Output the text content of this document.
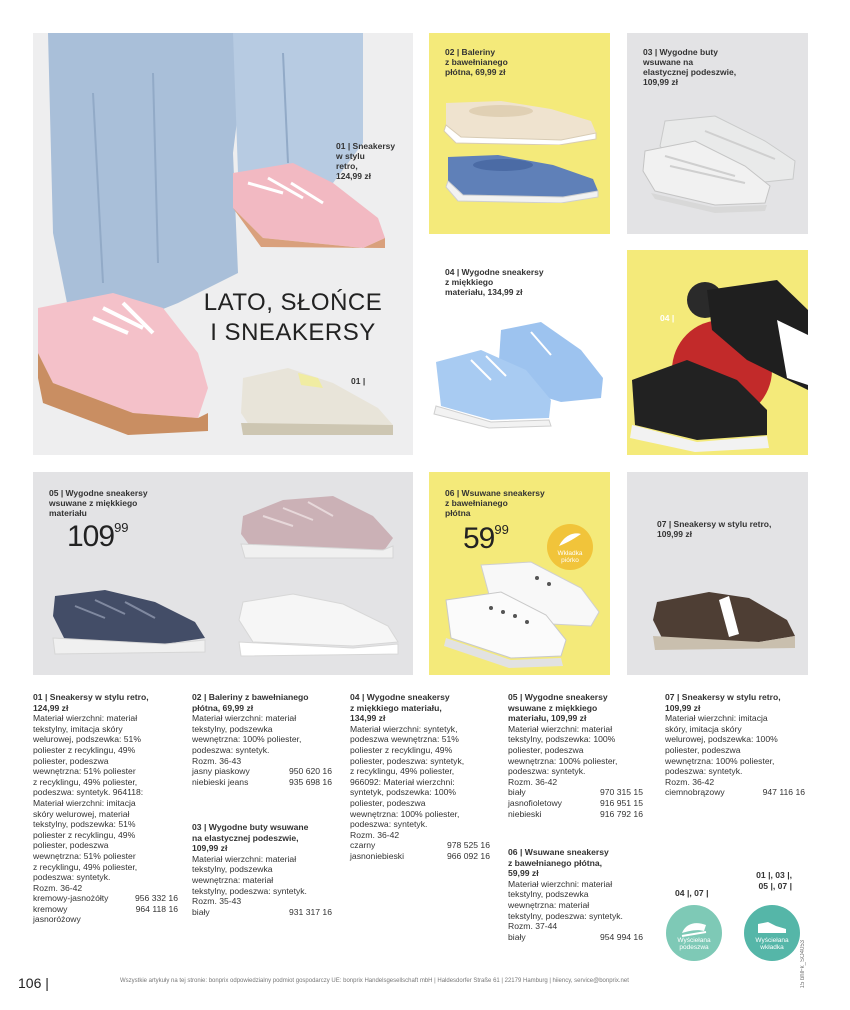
LATO, SŁOŃCE
I SNEAKERSY
01 | Sneakersy
w stylu
retro,
124,99 zł
01 |
02 | Baleriny
z bawełnianego
płótna, 69,99 zł
03 | Wygodne buty
wsuwane na
elastycznej podeszwie,
109,99 zł
04 | Wygodne sneakersy
z miękkiego
materiału, 134,99 zł
04 |
05 | Wygodne sneakersy
wsuwane z miękkiego
materiału
$109^{99}$
06 | Wsuwane sneakersy
z bawełnianego
płótna
$59^{99}$
Wkładka
piórko
07 | Sneakersy w stylu retro,
109,99 zł
01 | Sneakersy w stylu retro,
124,99 zł
Materiał wierzchni: materiał
tekstylny, imitacja skóry
welurowej, podszewka: 51%
poliester z recyklingu, 49%
poliester, podeszwa
wewnętrzna: 51% poliester
z recyklingu, 49% poliester,
podeszwa: syntetyk. 964118:
Materiał wierzchni: imitacja
skóry welurowej, materiał
tekstylny, podszewka: 51%
poliester z recyklingu, 49%
poliester, podeszwa
wewnętrzna: 51% poliester
z recyklingu, 49% poliester,
podeszwa: syntetyk.
Rozm. 36-42
kremowy-jasnożółty	956 332 16
kremowy	964 118 16
jasnoróżowy
02 | Baleriny z bawełnianego
płótna, 69,99 zł
Materiał wierzchni: materiał
tekstylny, podszewka
wewnętrzna: 100% poliester,
podeszwa: syntetyk.
Rozm. 36-43
jasny piaskowy	950 620 16
niebieski jeans	935 698 16
03 | Wygodne buty wsuwane
na elastycznej podeszwie,
109,99 zł
Materiał wierzchni: materiał
tekstylny, podszewka
wewnętrzna: materiał
tekstylny, podeszwa: syntetyk.
Rozm. 35-43
biały	931 317 16
04 | Wygodne sneakersy
z miękkiego materiału,
134,99 zł
Materiał wierzchni: syntetyk,
podeszwa wewnętrzna: 51%
poliester z recyklingu, 49%
poliester, podeszwa: syntetyk,
z recyklingu, 49% poliester,
966092: Materiał wierzchni:
syntetyk, podszewka: 100%
poliester, podeszwa
wewnętrzna: 100% poliester,
podeszwa: syntetyk.
Rozm. 36-42
czarny	978 525 16
jasnoniebieski	966 092 16
05 | Wygodne sneakersy
wsuwane z miękkiego
materiału, 109,99 zł
Materiał wierzchni: materiał
tekstylny, podszewka: 100%
poliester, podeszwa
wewnętrzna: 100% poliester,
podeszwa: syntetyk.
Rozm. 36-42
biały	970 315 15
jasnofioletowy	916 951 15
niebieski	916 792 16
06 | Wsuwane sneakersy
z bawełnianego płótna,
59,99 zł
Materiał wierzchni: materiał
tekstylny, podszewka
wewnętrzna: materiał
tekstylny, podeszwa: syntetyk.
Rozm. 37-44
biały	954 994 16
07 | Sneakersy w stylu retro,
109,99 zł
Materiał wierzchni: imitacja
skóry, imitacja skóry
welurowej, podszewka: 100%
poliester, podeszwa
wewnętrzna: 100% poliester,
podeszwa: syntetyk.
Rozm. 36-42
ciemnobrązowy	947 116 16
04 |, 07 |
Wyściełana
podeszwa
01 |, 03 |,
05 |, 07 |
Wyściełana
wkładka
106 |	Wszystkie artykuły na tej stronie: bonprix odpowiedzialny podmiot gospodarczy UE: bonprix Handelsgesellschaft mbH | Haldesdorfer Straße 61 | 22179 Hamburg | hiiency, service@bonprix.net	15 bhlFk_SO4053
